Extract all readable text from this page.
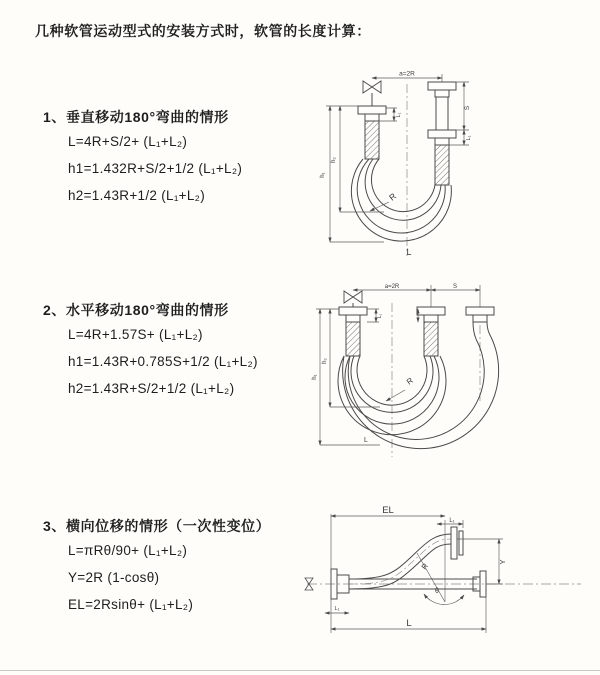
几种软管运动型式的安装方式时，软管的长度计算：
1、垂直移动180°弯曲的情形
L=4R+S/2+ (L₁+L₂)
h1=1.432R+S/2+1/2 (L₁+L₂)
h2=1.43R+1/2 (L₁+L₂)
2、水平移动180°弯曲的情形
L=4R+1.57S+ (L₁+L₂)
h1=1.43R+0.785S+1/2 (L₁+L₂)
h2=1.43R+S/2+1/2 (L₁+L₂)
3、横向位移的情形（一次性变位）
L=πRθ/90+ (L₁+L₂)
Y=2R (1-cosθ)
EL=2Rsinθ+ (L₁+L₂)
a=2R
S
L₁
h₁
h₂
L₁
R
L
a=2R	S
h₁
h₂
L₁
R
L
EL
L₁
R	Y
θ
L
L₁
